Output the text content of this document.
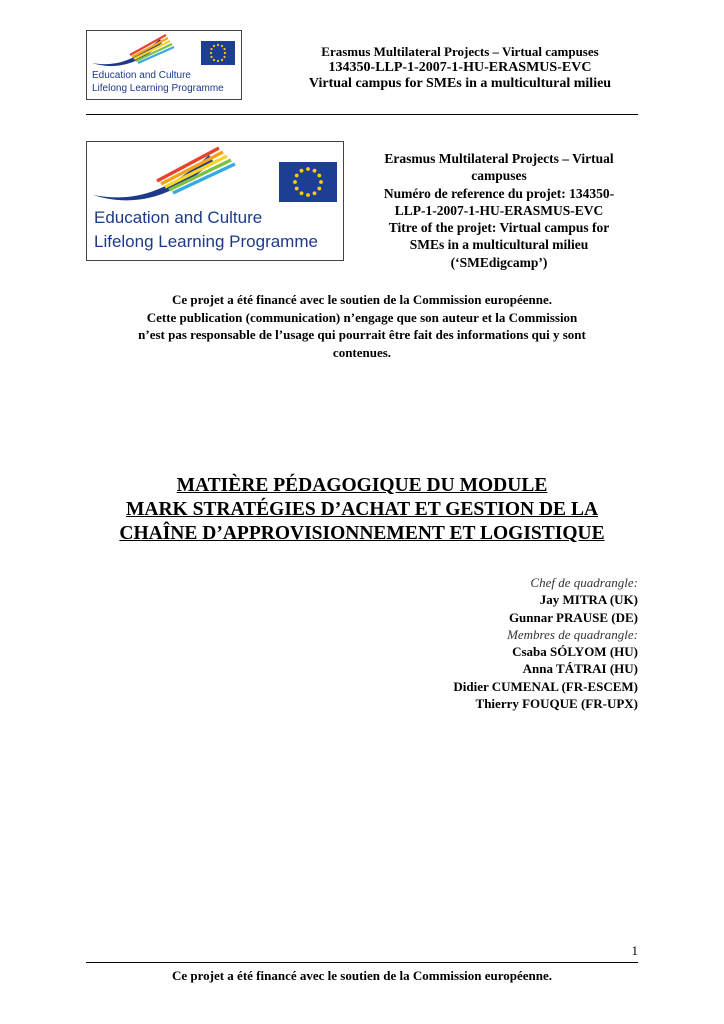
Education and Culture
Lifelong Learning Programme
Erasmus Multilateral Projects – Virtual campuses
134350-LLP-1-2007-1-HU-ERASMUS-EVC
Virtual campus for SMEs in a multicultural milieu
Education and Culture
Lifelong Learning Programme
Erasmus Multilateral Projects – Virtual
campuses
Numéro de reference du projet: 134350-
LLP-1-2007-1-HU-ERASMUS-EVC
Titre of the projet: Virtual campus for
SMEs in a multicultural milieu
(‘SMEdigcamp’)
Ce projet a été financé avec le soutien de la Commission européenne.
Cette publication (communication) n’engage que son auteur et la Commission
n’est pas responsable de l’usage qui pourrait être fait des informations qui y sont
contenues.
MATIÈRE PÉDAGOGIQUE DU MODULE
MARK STRATÉGIES D’ACHAT ET GESTION DE LA
CHAÎNE D’APPROVISIONNEMENT ET LOGISTIQUE
Chef de quadrangle:
Jay MITRA (UK)
Gunnar PRAUSE (DE)
Membres de quadrangle:
Csaba SÓLYOM (HU)
Anna TÁTRAI (HU)
Didier CUMENAL (FR-ESCEM)
Thierry FOUQUE (FR-UPX)
1
Ce projet a été financé avec le soutien de la Commission européenne.
